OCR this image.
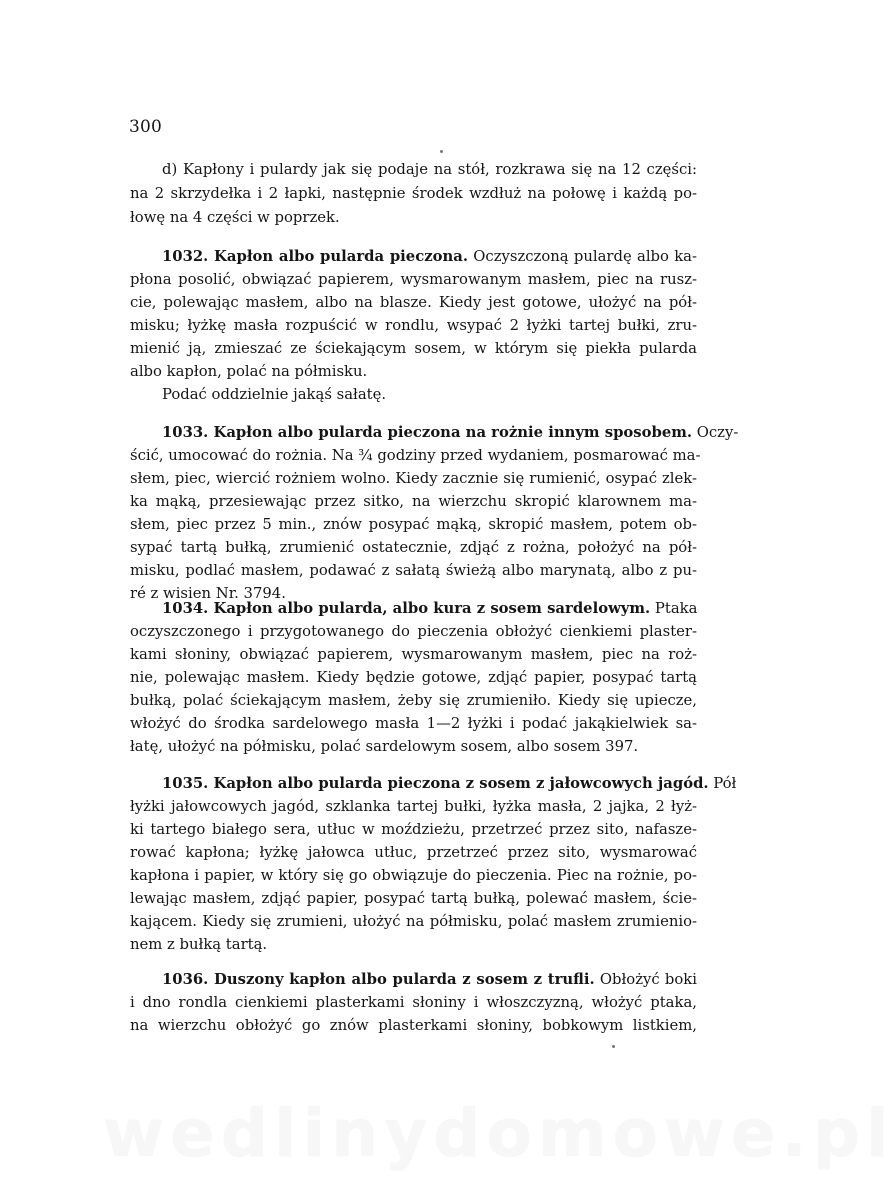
300
d) Kapłony i pulardy jak się podaje na stół, rozkrawa się na 12 części:
na 2 skrzydełka i 2 łapki, następnie środek wzdłuż na połowę i każdą po-
łowę na 4 części w poprzek.
1032. Kapłon albo pularda pieczona. Oczyszczoną pulardę albo ka-
płona posolić, obwiązać papierem, wysmarowanym masłem, piec na rusz-
cie, polewając masłem, albo na blasze. Kiedy jest gotowe, ułożyć na pół-
misku; łyżkę masła rozpuścić w rondlu, wsypać 2 łyżki tartej bułki, zru-
mienić ją, zmieszać ze ściekającym sosem, w którym się piekła pularda
albo kapłon, polać na półmisku.
Podać oddzielnie jakąś sałatę.
1033. Kapłon albo pularda pieczona na rożnie innym sposobem. Oczy-
ścić, umocować do rożnia. Na ¾ godziny przed wydaniem, posmarować ma-
słem, piec, wiercić rożniem wolno. Kiedy zacznie się rumienić, osypać zlek-
ka mąką, przesiewając przez sitko, na wierzchu skropić klarownem ma-
słem, piec przez 5 min., znów posypać mąką, skropić masłem, potem ob-
sypać tartą bułką, zrumienić ostatecznie, zdjąć z rożna, położyć na pół-
misku, podlać masłem, podawać z sałatą świeżą albo marynatą, albo z pu-
ré z wisien Nr. 3794.
1034. Kapłon albo pularda, albo kura z sosem sardelowym. Ptaka
oczyszczonego i przygotowanego do pieczenia obłożyć cienkiemi plaster-
kami słoniny, obwiązać papierem, wysmarowanym masłem, piec na roż-
nie, polewając masłem. Kiedy będzie gotowe, zdjąć papier, posypać tartą
bułką, polać ściekającym masłem, żeby się zrumieniło. Kiedy się upiecze,
włożyć do środka sardelowego masła 1—2 łyżki i podać jakąkielwiek sa-
łatę, ułożyć na półmisku, polać sardelowym sosem, albo sosem 397.
1035. Kapłon albo pularda pieczona z sosem z jałowcowych jagód. Pół
łyżki jałowcowych jagód, szklanka tartej bułki, łyżka masła, 2 jajka, 2 łyż-
ki tartego białego sera, utłuc w moździeżu, przetrzeć przez sito, nafasze-
rować kapłona; łyżkę jałowca utłuc, przetrzeć przez sito, wysmarować
kapłona i papier, w który się go obwiązuje do pieczenia. Piec na rożnie, po-
lewając masłem, zdjąć papier, posypać tartą bułką, polewać masłem, ście-
kającem. Kiedy się zrumieni, ułożyć na półmisku, polać masłem zrumienio-
nem z bułką tartą.
1036. Duszony kapłon albo pularda z sosem z trufli. Obłożyć boki
i dno rondla cienkiemi plasterkami słoniny i włoszczyzną, włożyć ptaka,
na wierzchu obłożyć go znów plasterkami słoniny, bobkowym listkiem,
wedlinydomowe.pl
